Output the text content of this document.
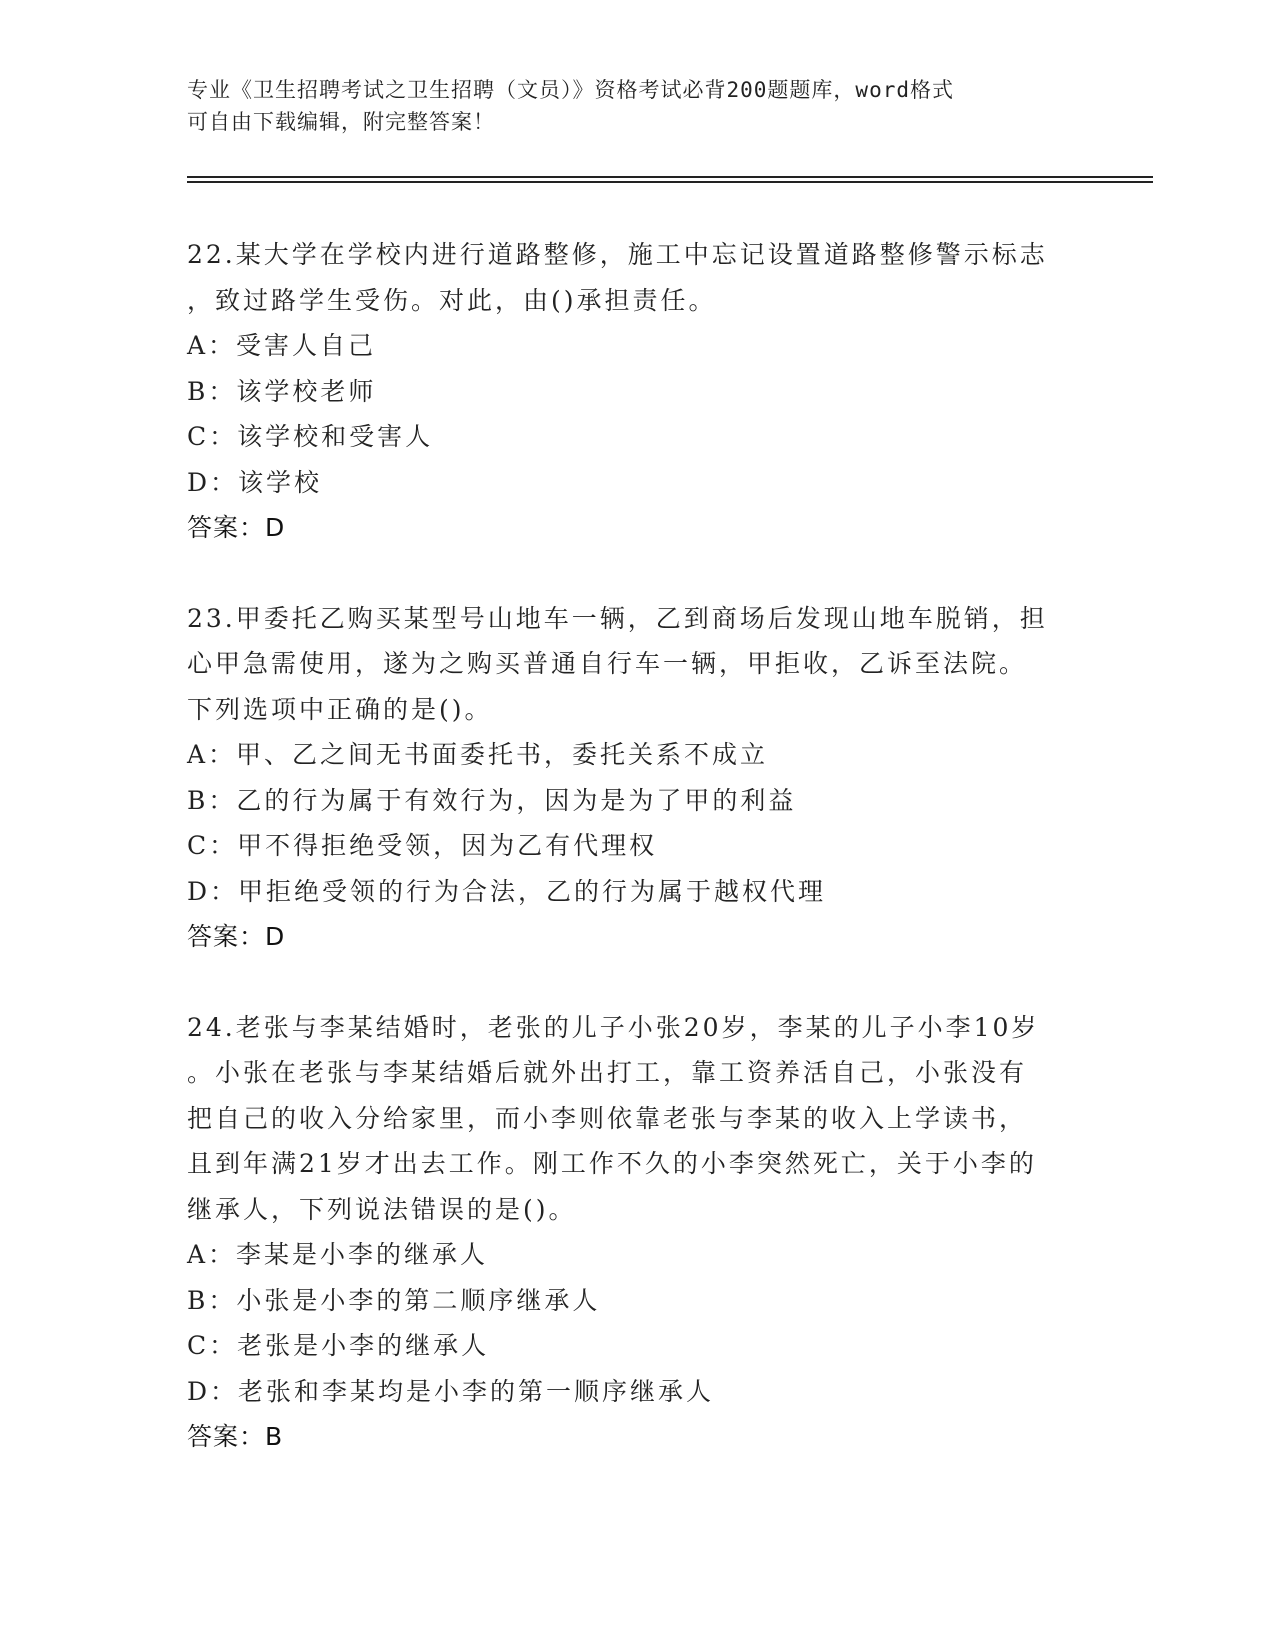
专业《卫生招聘考试之卫生招聘（文员）》资格考试必背200题题库，word格式
可自由下载编辑，附完整答案！
22.某大学在学校内进行道路整修，施工中忘记设置道路整修警示标志
，致过路学生受伤。对此，由()承担责任。
A：受害人自己
B：该学校老师
C：该学校和受害人
D：该学校
答案：D
23.甲委托乙购买某型号山地车一辆，乙到商场后发现山地车脱销，担
心甲急需使用，遂为之购买普通自行车一辆，甲拒收，乙诉至法院。
下列选项中正确的是()。
A：甲、乙之间无书面委托书，委托关系不成立
B：乙的行为属于有效行为，因为是为了甲的利益
C：甲不得拒绝受领，因为乙有代理权
D：甲拒绝受领的行为合法，乙的行为属于越权代理
答案：D
24.老张与李某结婚时，老张的儿子小张20岁，李某的儿子小李10岁
。小张在老张与李某结婚后就外出打工，靠工资养活自己，小张没有
把自己的收入分给家里，而小李则依靠老张与李某的收入上学读书，
且到年满21岁才出去工作。刚工作不久的小李突然死亡，关于小李的
继承人，下列说法错误的是()。
A：李某是小李的继承人
B：小张是小李的第二顺序继承人
C：老张是小李的继承人
D：老张和李某均是小李的第一顺序继承人
答案：B
